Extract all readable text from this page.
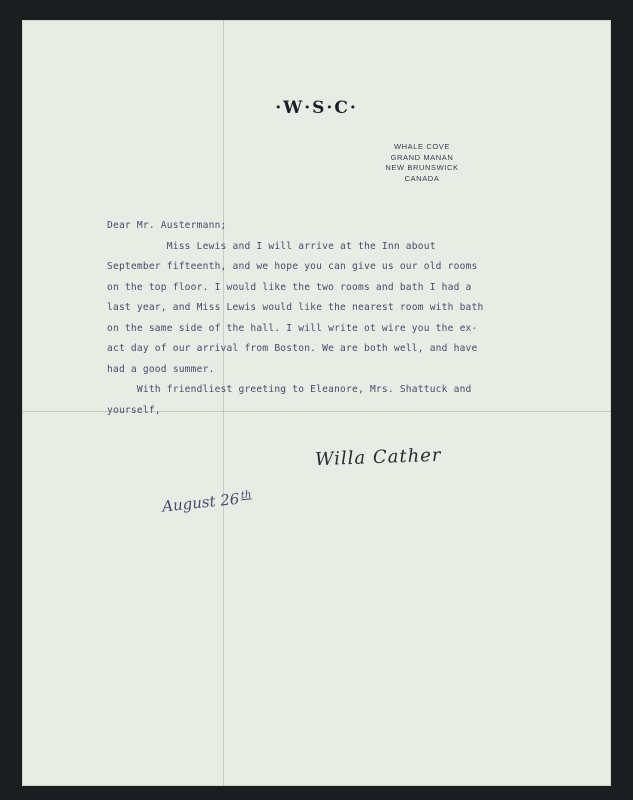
·W·S·C·
WHALE COVE
GRAND MANAN
NEW BRUNSWICK
CANADA
Dear Mr. Austermann;
Miss Lewis and I will arrive at the Inn about
September fifteenth, and we hope you can give us our old rooms
on the top floor. I would like the two rooms and bath I had a
last year, and Miss Lewis would like the nearest room with bath
on the same side of the hall. I will write ot wire you the ex-
act day of our arrival from Boston. We are both well, and have
had a good summer.
With friendliest greeting to Eleanore, Mrs. Shattuck and
yourself,
Willa Cather
August 26th
